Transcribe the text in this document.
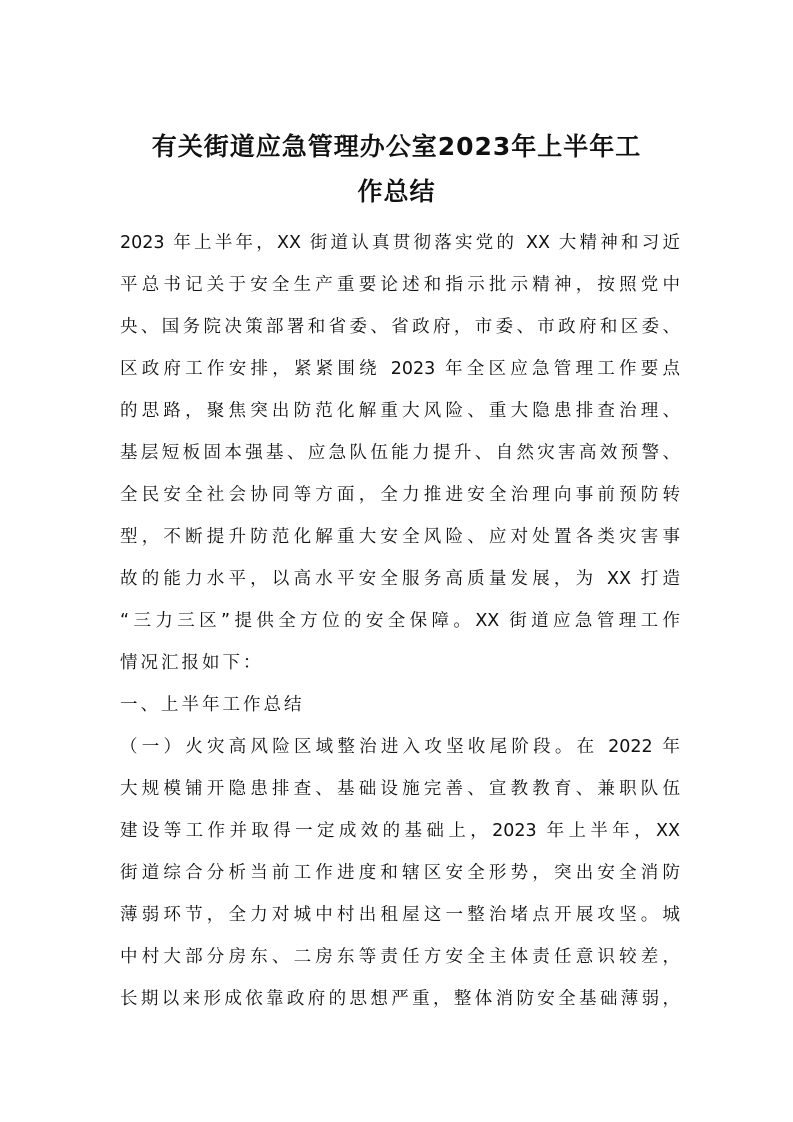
有关街道应急管理办公室2023年上半年工
作总结
2023 年上半年，XX 街道认真贯彻落实党的 XX 大精神和习近
平总书记关于安全生产重要论述和指示批示精神，按照党中
央、国务院决策部署和省委、省政府，市委、市政府和区委、
区政府工作安排，紧紧围绕 2023 年全区应急管理工作要点
的思路，聚焦突出防范化解重大风险、重大隐患排查治理、
基层短板固本强基、应急队伍能力提升、自然灾害高效预警、
全民安全社会协同等方面，全力推进安全治理向事前预防转
型，不断提升防范化解重大安全风险、应对处置各类灾害事
故的能力水平，以高水平安全服务高质量发展，为 XX 打造
“三力三区”提供全方位的安全保障。XX 街道应急管理工作
情况汇报如下：
一、上半年工作总结
（一）火灾高风险区域整治进入攻坚收尾阶段。在 2022 年
大规模铺开隐患排查、基础设施完善、宣教教育、兼职队伍
建设等工作并取得一定成效的基础上，2023 年上半年，XX
街道综合分析当前工作进度和辖区安全形势，突出安全消防
薄弱环节，全力对城中村出租屋这一整治堵点开展攻坚。城
中村大部分房东、二房东等责任方安全主体责任意识较差，
长期以来形成依靠政府的思想严重，整体消防安全基础薄弱，
